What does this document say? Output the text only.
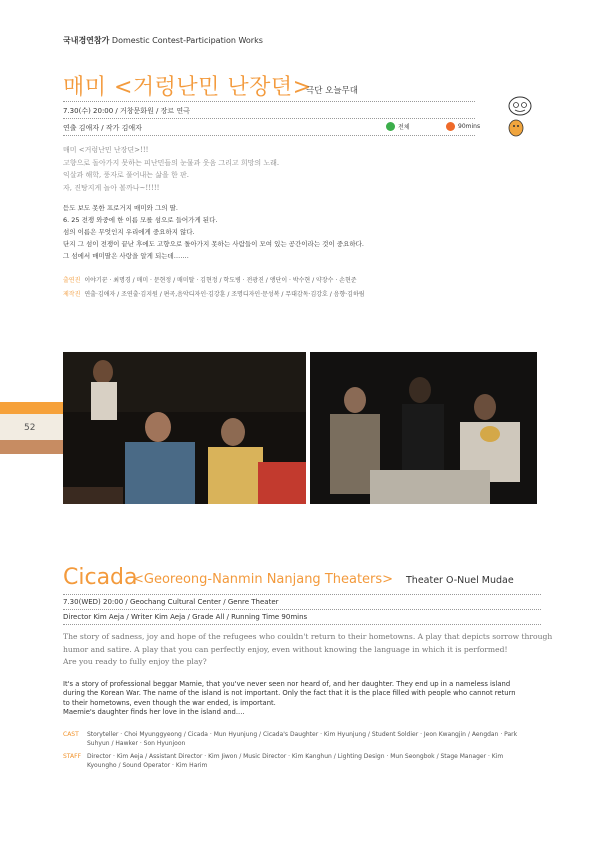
국내경연참가 Domestic Contest-Participation Works
매미 <거렁난민 난장뎐>
극단 오늘무대
7.30(수) 20:00 / 거창문화원 / 장르 연극
연출 김애자 / 작가 김애자	전체	90mins
매미 <거렁난민 난장뎐>!!!
고향으로 돌아가지 못하는 피난민들의 눈물과 웃음 그리고 희망의 노래.
익살과 해학, 풍자로 풀어내는 삶을 한 판.
자, 진탕지게 놀아 볼까나~!!!!!
듣도 보도 못한 프로거지 매미와 그의 딸.
6. 25 전쟁 와중에 한 이름 모를 섬으로 들어가게 된다.
섬의 이름은 무엇인지 우리에게 중요하지 않다.
단지 그 섬이 전쟁이 끝난 후에도 고향으로 돌아가지 못하는 사람들이 모여 있는 공간이라는 것이 중요하다.
그 섬에서 매미딸은 사랑을 알게 되는데…….
출연진 이야기꾼 · 최명경 / 매미 · 문현정 / 매미딸 · 김현정 / 학도병 · 전광진 / 앵단이 · 박수현 / 약장수 · 손현준
제작진 연출·김애자 / 조연출·김지원 / 편곡,음악디자인·김강훈 / 조명디자인·문성복 / 무대감독·김강호 / 음향·김하림
52
Cicada
<Georeong-Nanmin Nanjang Theaters> Theater O-Nuel Mudae
7.30(WED) 20:00 / Geochang Cultural Center / Genre Theater
Director Kim Aeja / Writer Kim Aeja / Grade All / Running Time 90mins
The story of sadness, joy and hope of the refugees who couldn't return to their hometowns. A play that depicts sorrow through
humor and satire. A play that you can perfectly enjoy, even without knowing the language in which it is performed!
Are you ready to fully enjoy the play?
It's a story of professional beggar Mamie, that you've never seen nor heard of, and her daughter. They end up in a nameless island
during the Korean War. The name of the island is not important. Only the fact that it is the place filled with people who cannot return
to their hometowns, even though the war ended, is important.
Maemie's daughter finds her love in the island and....
CAST Storyteller · Choi Myunggyeong / Cicada · Mun Hyunjung / Cicada's Daughter · Kim Hyunjung / Student Soldier · Jeon Kwangjin / Aengdan · Park
Suhyun / Hawker · Son Hyunjoon
STAFF Director · Kim Aeja / Assistant Director · Kim Jiwon / Music Director · Kim Kanghun / Lighting Design · Mun Seongbok / Stage Manager · Kim
Kyoungho / Sound Operator · Kim Harim
